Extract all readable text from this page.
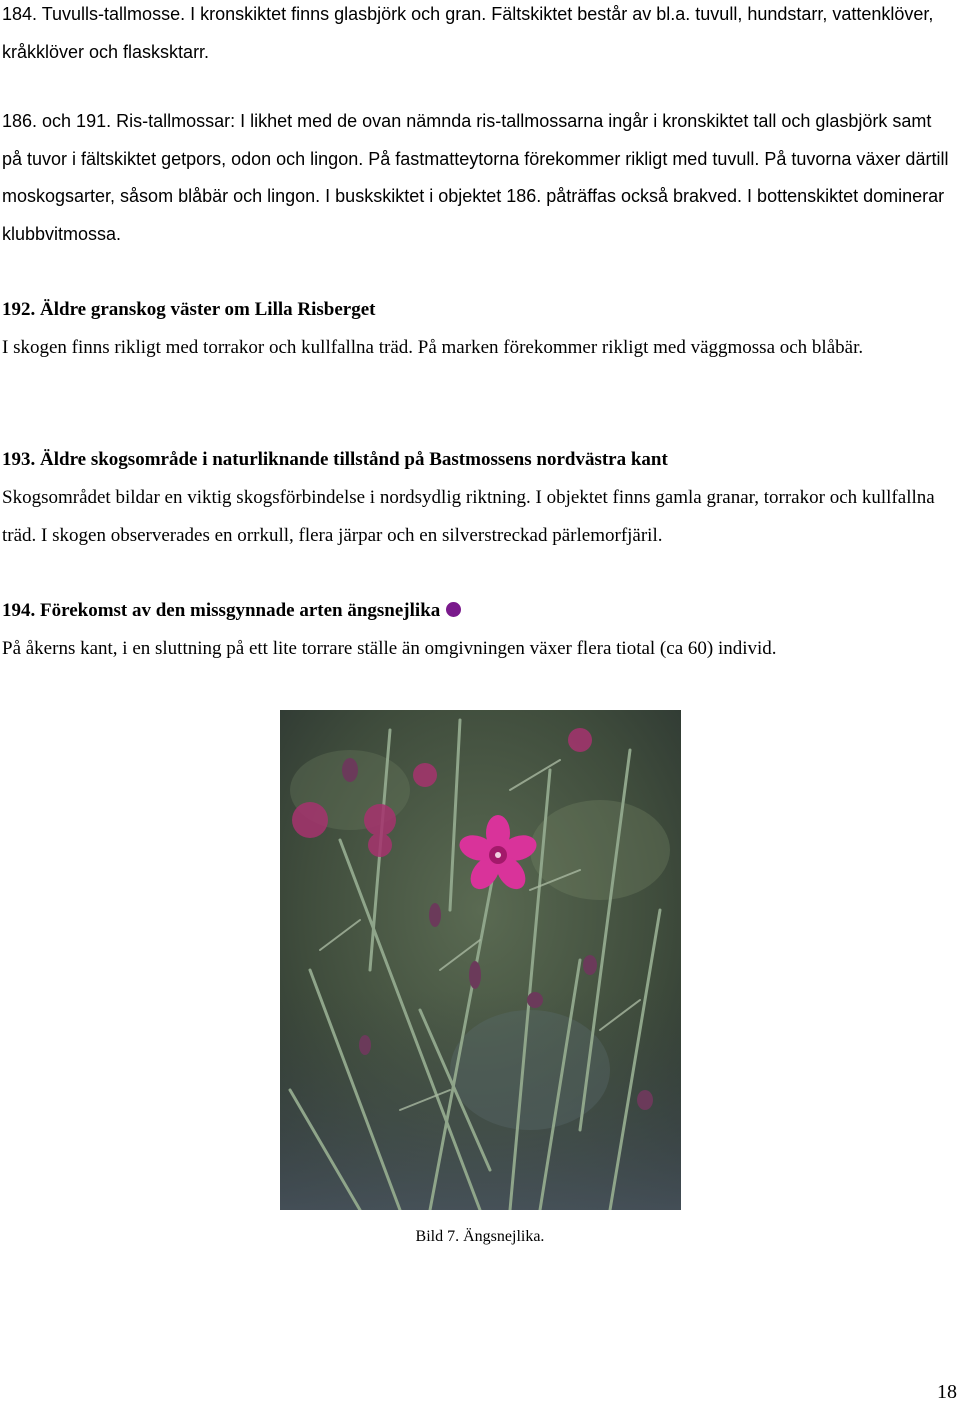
184. Tuvulls-tallmosse. I kronskiktet finns glasbjörk och gran. Fältskiktet består av bl.a. tuvull, hundstarr, vattenklöver, kråkklöver och flasksktarr.

186. och 191. Ris-tallmossar: I likhet med de ovan nämnda ris-tallmossarna ingår i kronskiktet tall och glasbjörk samt på tuvor i fältskiktet getpors, odon och lingon. På fastmatteytorna förekommer rikligt med tuvull. På tuvorna växer därtill moskogsarter, såsom blåbär och lingon. I buskskiktet i objektet 186. påträffas också brakved. I bottenskiktet dominerar klubbvitmossa.

192. Äldre granskog väster om Lilla Risberget

I skogen finns rikligt med torrakor och kullfallna träd. På marken förekommer rikligt med väggmossa och blåbär.

193. Äldre skogsområde i naturliknande tillstånd på Bastmossens nordvästra kant

Skogsområdet bildar en viktig skogsförbindelse i nordsydlig riktning. I objektet finns gamla granar, torrakor och kullfallna träd. I skogen observerades en orrkull, flera järpar och en silverstreckad pärlemorfjäril.

194. Förekomst av den missgynnade arten ängsnejlika

På åkerns kant, i en sluttning på ett lite torrare ställe än omgivningen växer flera tiotal (ca 60) individ.

Bild 7. Ängsnejlika.
18
